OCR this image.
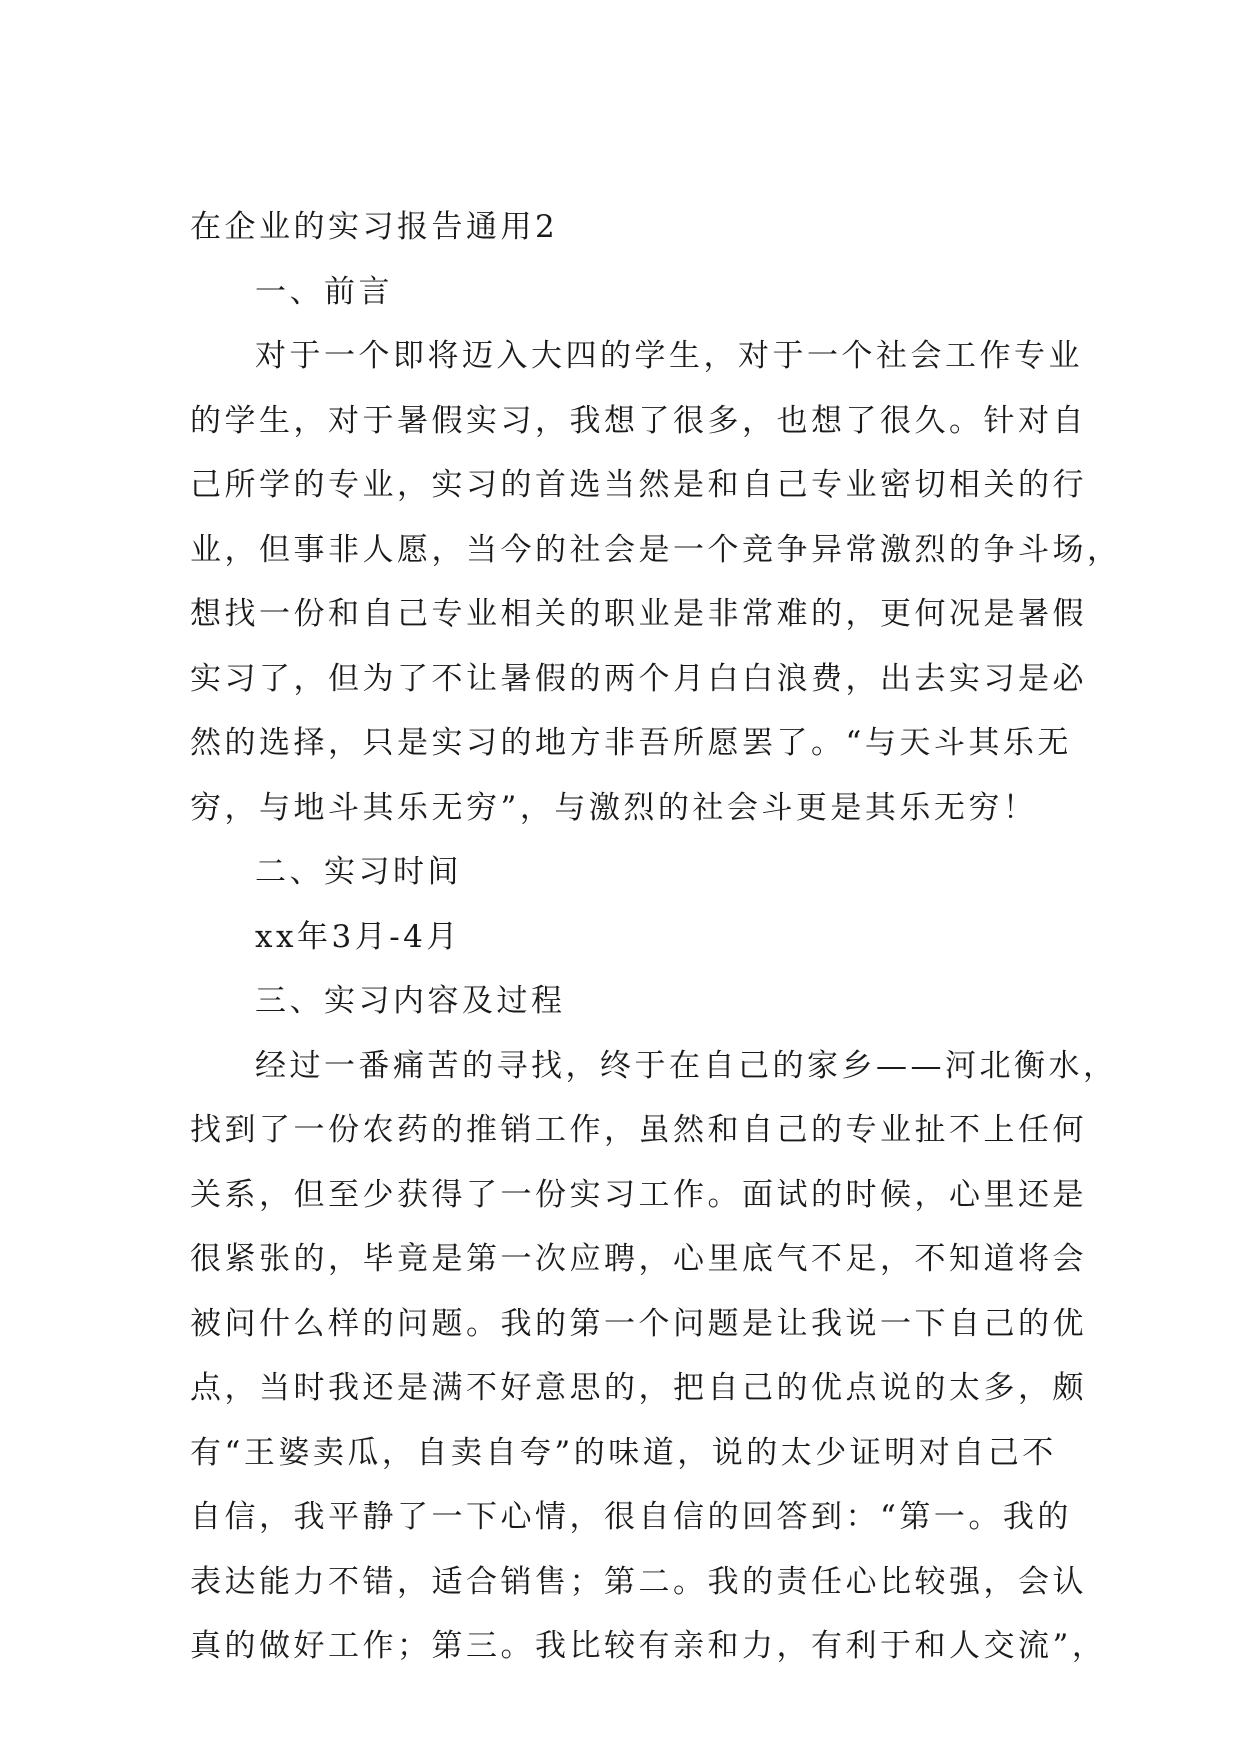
在企业的实习报告通用2
一、前言
对于一个即将迈入大四的学生，对于一个社会工作专业
的学生，对于暑假实习，我想了很多，也想了很久。针对自
己所学的专业，实习的首选当然是和自己专业密切相关的行
业，但事非人愿，当今的社会是一个竞争异常激烈的争斗场，
想找一份和自己专业相关的职业是非常难的，更何况是暑假
实习了，但为了不让暑假的两个月白白浪费，出去实习是必
然的选择，只是实习的地方非吾所愿罢了。“与天斗其乐无
穷，与地斗其乐无穷”，与激烈的社会斗更是其乐无穷！
二、实习时间
xx年3月-4月
三、实习内容及过程
经过一番痛苦的寻找，终于在自己的家乡——河北衡水，
找到了一份农药的推销工作，虽然和自己的专业扯不上任何
关系，但至少获得了一份实习工作。面试的时候，心里还是
很紧张的，毕竟是第一次应聘，心里底气不足，不知道将会
被问什么样的问题。我的第一个问题是让我说一下自己的优
点，当时我还是满不好意思的，把自己的优点说的太多，颇
有“王婆卖瓜，自卖自夸”的味道，说的太少证明对自己不
自信，我平静了一下心情，很自信的回答到：“第一。我的
表达能力不错，适合销售；第二。我的责任心比较强，会认
真的做好工作；第三。我比较有亲和力，有利于和人交流”，
